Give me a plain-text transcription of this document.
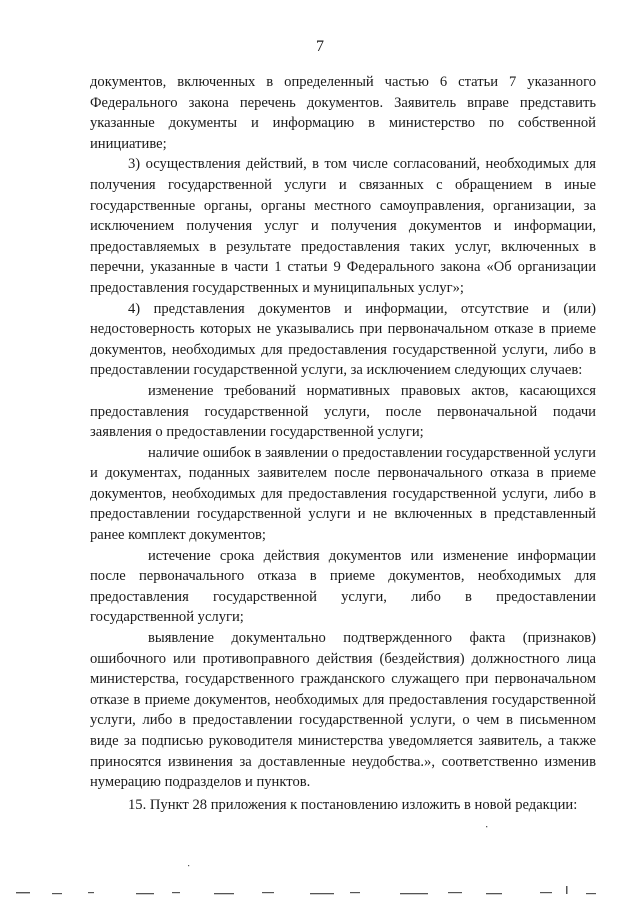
7

документов, включенных в определенный частью 6 статьи 7 указанного Федерального закона перечень документов. Заявитель вправе представить указанные документы и информацию в министерство по собственной инициативе;

3) осуществления действий, в том числе согласований, необходимых для получения государственной услуги и связанных с обращением в иные государственные органы, органы местного самоуправления, организации, за исключением получения услуг и получения документов и информации, предоставляемых в результате предоставления таких услуг, включенных в перечни, указанные в части 1 статьи 9 Федерального закона «Об организации предоставления государственных и муниципальных услуг»;

4) представления документов и информации, отсутствие и (или) недостоверность которых не указывались при первоначальном отказе в приеме документов, необходимых для предоставления государственной услуги, либо в предоставлении государственной услуги, за исключением следующих случаев:

изменение требований нормативных правовых актов, касающихся предоставления государственной услуги, после первоначальной подачи заявления о предоставлении государственной услуги;

наличие ошибок в заявлении о предоставлении государственной услуги и документах, поданных заявителем после первоначального отказа в приеме документов, необходимых для предоставления государственной услуги, либо в предоставлении государственной услуги и не включенных в представленный ранее комплект документов;

истечение срока действия документов или изменение информации после первоначального отказа в приеме документов, необходимых для предоставления государственной услуги, либо в предоставлении государственной услуги;

выявление документально подтвержденного факта (признаков) ошибочного или противоправного действия (бездействия) должностного лица министерства, государственного гражданского служащего при первоначальном отказе в приеме документов, необходимых для предоставления государственной услуги, либо в предоставлении государственной услуги, о чем в письменном виде за подписью руководителя министерства уведомляется заявитель, а также приносятся извинения за доставленные неудобства.», соответственно изменив нумерацию подразделов и пунктов.

15. Пункт 28 приложения к постановлению изложить в новой редакции:
